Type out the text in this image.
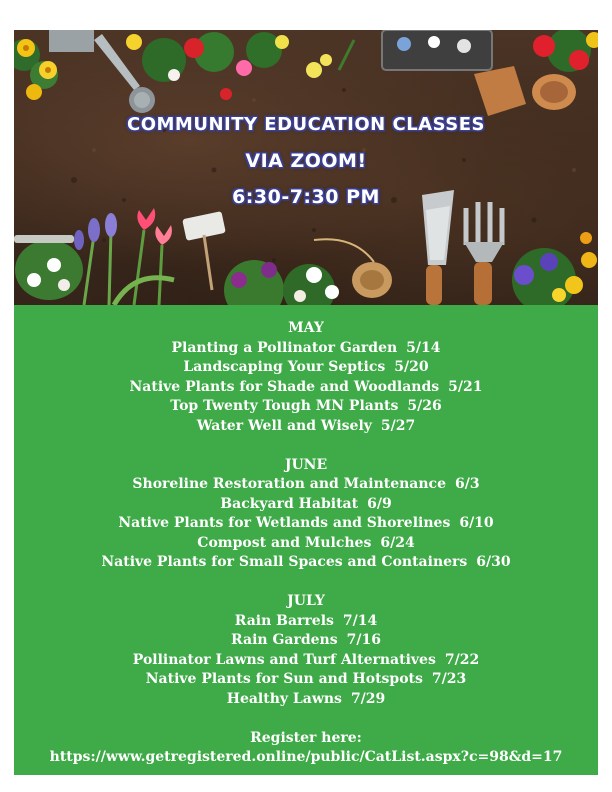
COMMUNITY EDUCATION CLASSES
VIA ZOOM!
6:30-7:30 PM
MAY
Planting a Pollinator Garden 5/14
Landscaping Your Septics 5/20
Native Plants for Shade and Woodlands 5/21
Top Twenty Tough MN Plants 5/26
Water Well and Wisely 5/27
JUNE
Shoreline Restoration and Maintenance 6/3
Backyard Habitat 6/9
Native Plants for Wetlands and Shorelines 6/10
Compost and Mulches 6/24
Native Plants for Small Spaces and Containers 6/30
JULY
Rain Barrels 7/14
Rain Gardens 7/16
Pollinator Lawns and Turf Alternatives 7/22
Native Plants for Sun and Hotspots 7/23
Healthy Lawns 7/29
Register here:
https://www.getregistered.online/public/CatList.aspx?c=98&d=17
